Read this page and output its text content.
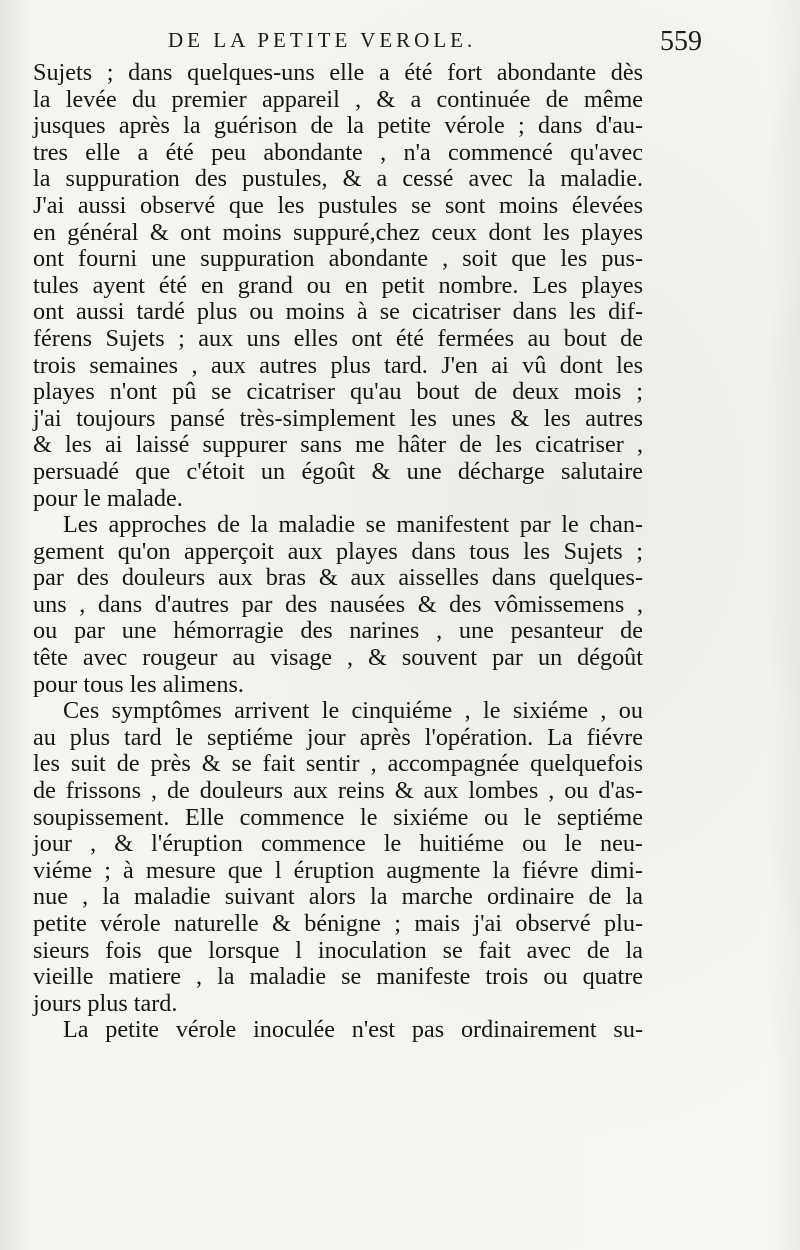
DE LA PETITE VEROLE.	559
Sujets ; dans quelques-uns elle a été fort abondante dès
la levée du premier appareil , & a continuée de même
jusques après la guérison de la petite vérole ; dans d'au-
tres elle a été peu abondante , n'a commencé qu'avec
la suppuration des pustules, & a cessé avec la maladie.
J'ai aussi observé que les pustules se sont moins élevées
en général & ont moins suppuré,chez ceux dont les playes
ont fourni une suppuration abondante , soit que les pus-
tules ayent été en grand ou en petit nombre. Les playes
ont aussi tardé plus ou moins à se cicatriser dans les dif-
férens Sujets ; aux uns elles ont été fermées au bout de
trois semaines , aux autres plus tard. J'en ai vû dont les
playes n'ont pû se cicatriser qu'au bout de deux mois ;
j'ai toujours pansé très-simplement les unes & les autres
& les ai laissé suppurer sans me hâter de les cicatriser ,
persuadé que c'étoit un égoût & une décharge salutaire
pour le malade.
Les approches de la maladie se manifestent par le chan-
gement qu'on apperçoit aux playes dans tous les Sujets ;
par des douleurs aux bras & aux aisselles dans quelques-
uns , dans d'autres par des nausées & des vômissemens ,
ou par une hémorragie des narines , une pesanteur de
tête avec rougeur au visage , & souvent par un dégoût
pour tous les alimens.
Ces symptômes arrivent le cinquiéme , le sixiéme , ou
au plus tard le septiéme jour après l'opération. La fiévre
les suit de près & se fait sentir , accompagnée quelquefois
de frissons , de douleurs aux reins & aux lombes , ou d'as-
soupissement. Elle commence le sixiéme ou le septiéme
jour , & l'éruption commence le huitiéme ou le neu-
viéme ; à mesure que l éruption augmente la fiévre dimi-
nue , la maladie suivant alors la marche ordinaire de la
petite vérole naturelle & bénigne ; mais j'ai observé plu-
sieurs fois que lorsque l inoculation se fait avec de la
vieille matiere , la maladie se manifeste trois ou quatre
jours plus tard.
La petite vérole inoculée n'est pas ordinairement su-
